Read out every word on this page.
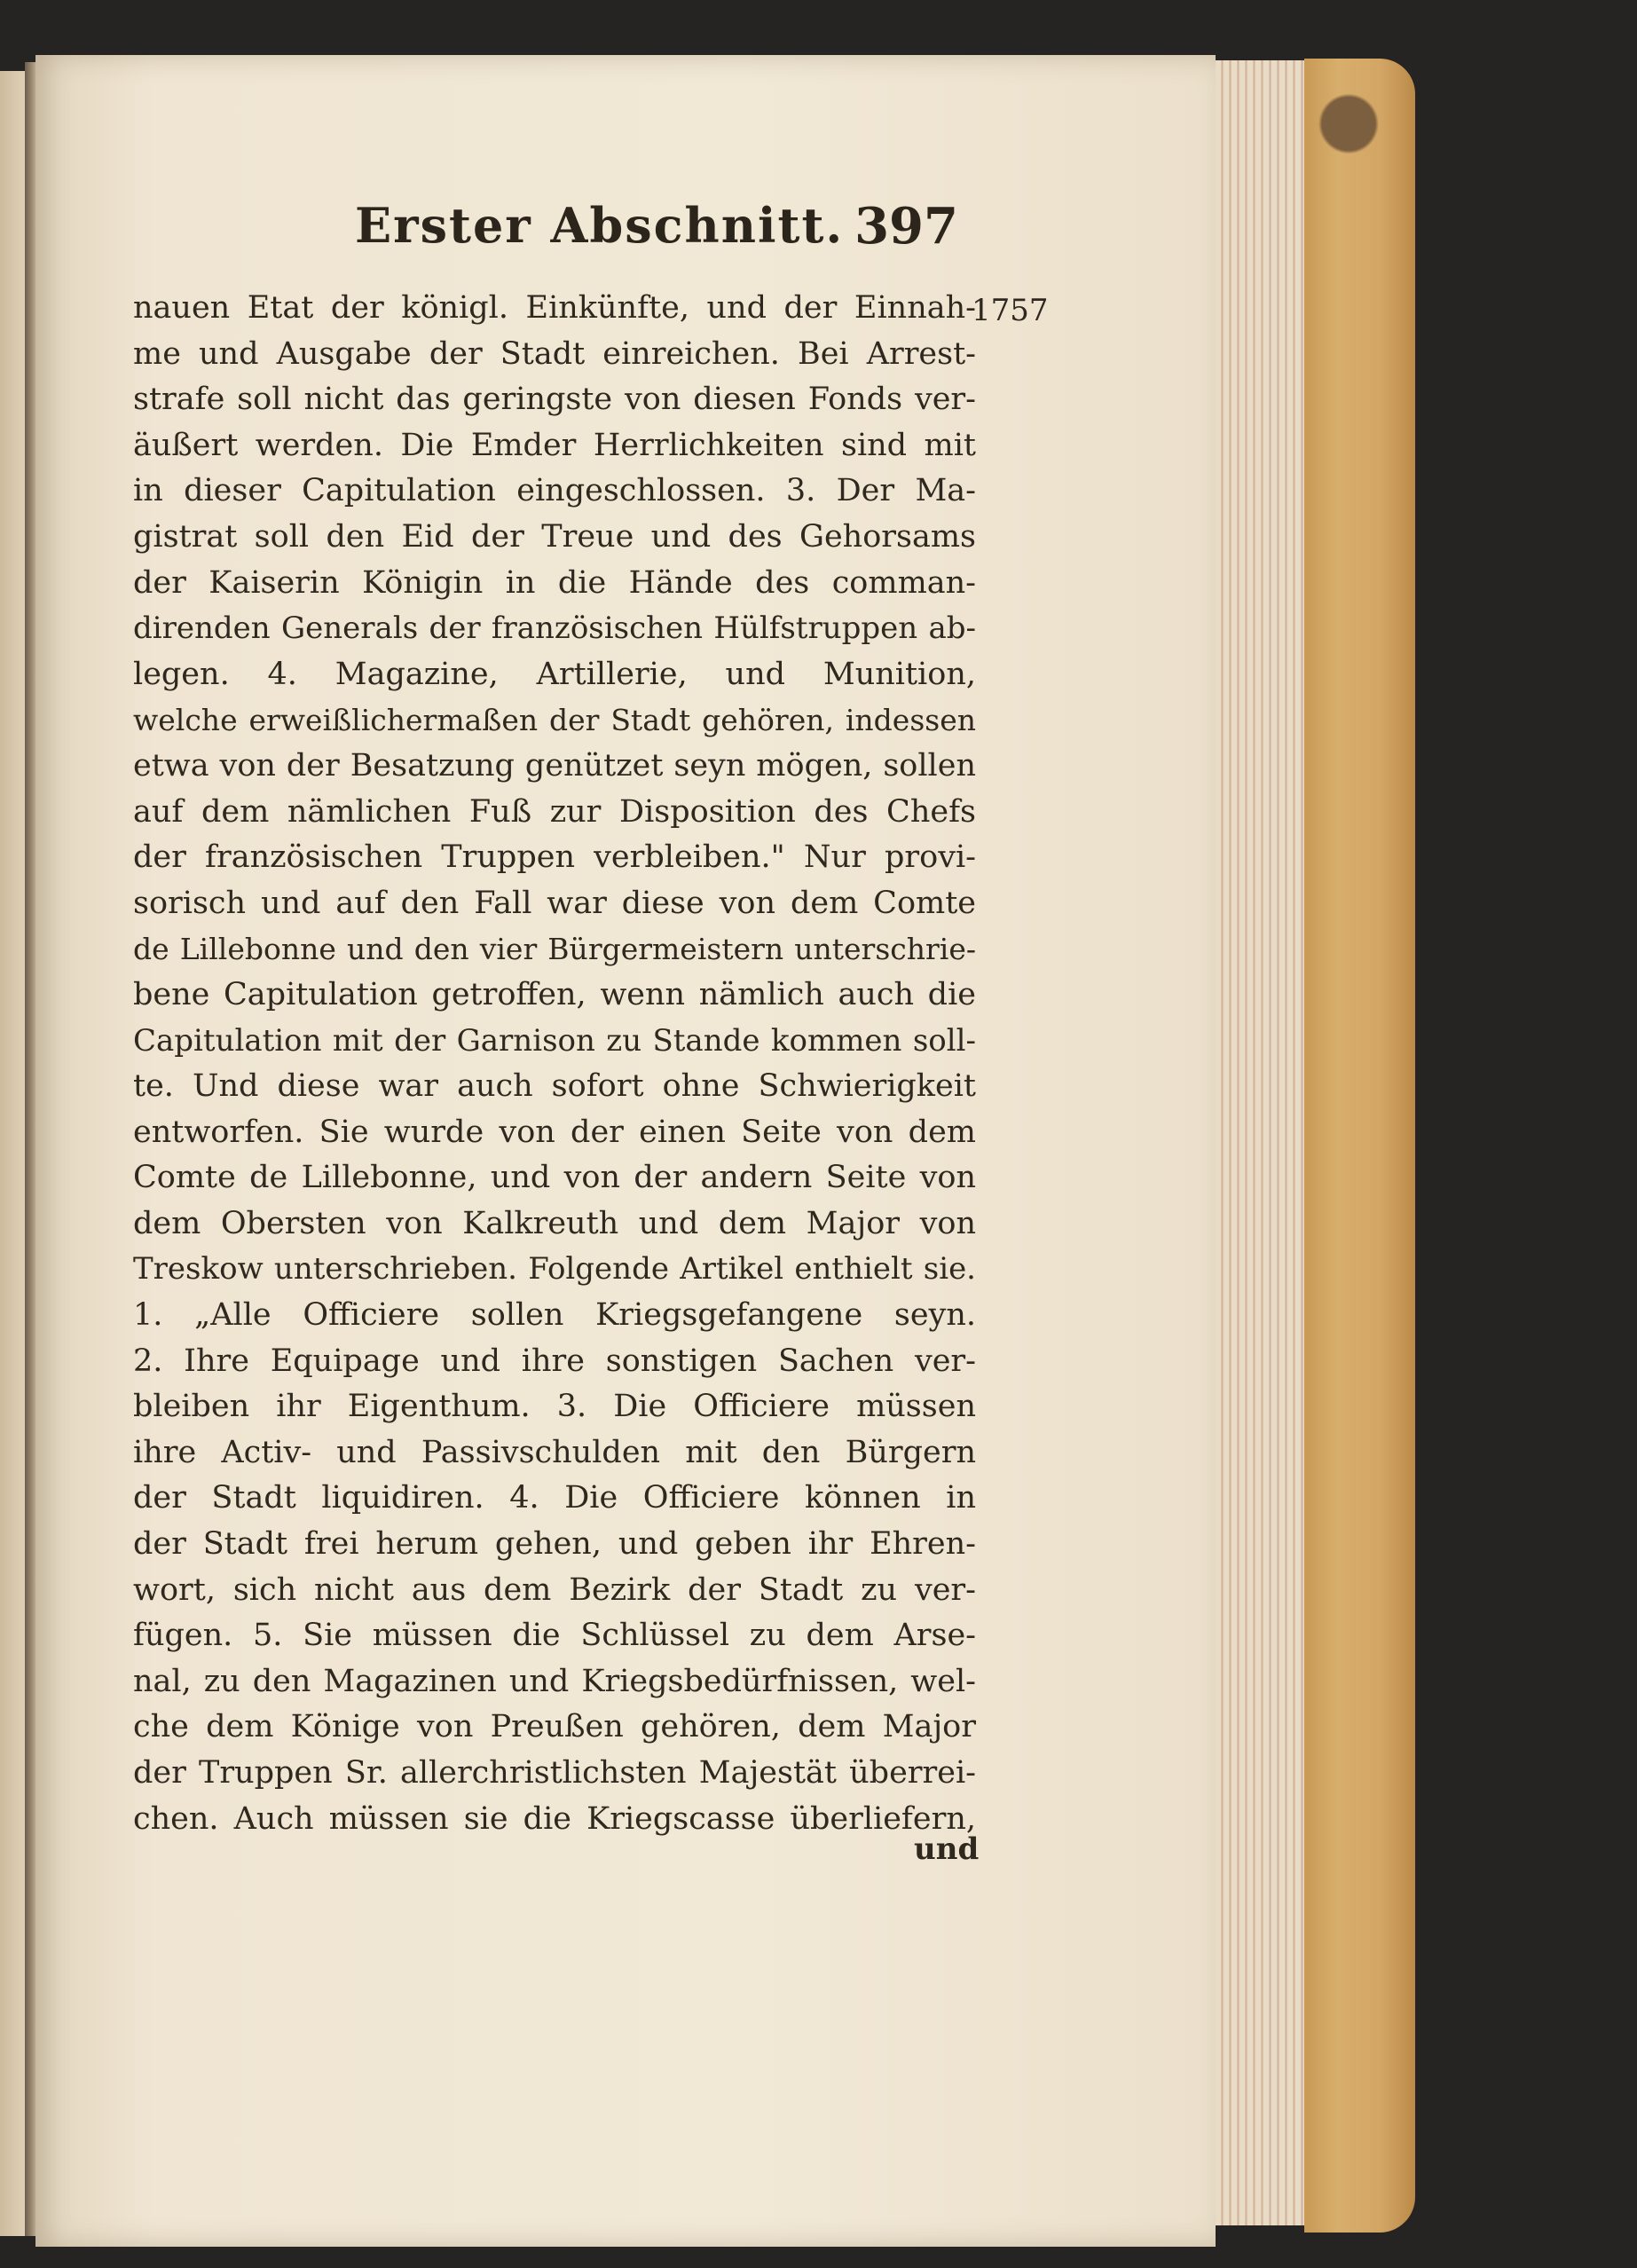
Erster Abschnitt. 397
1757
nauen Etat der königl. Einkünfte, und der Einnah-
me und Ausgabe der Stadt einreichen. Bei Arrest-
strafe soll nicht das geringste von diesen Fonds ver-
äußert werden. Die Emder Herrlichkeiten sind mit
in dieser Capitulation eingeschlossen. 3. Der Ma-
gistrat soll den Eid der Treue und des Gehorsams
der Kaiserin Königin in die Hände des comman-
direnden Generals der französischen Hülfstruppen ab-
legen. 4. Magazine, Artillerie, und Munition,
welche erweißlichermaßen der Stadt gehören, indessen
etwa von der Besatzung genützet seyn mögen, sollen
auf dem nämlichen Fuß zur Disposition des Chefs
der französischen Truppen verbleiben." Nur provi-
sorisch und auf den Fall war diese von dem Comte
de Lillebonne und den vier Bürgermeistern unterschrie-
bene Capitulation getroffen, wenn nämlich auch die
Capitulation mit der Garnison zu Stande kommen soll-
te. Und diese war auch sofort ohne Schwierigkeit
entworfen. Sie wurde von der einen Seite von dem
Comte de Lillebonne, und von der andern Seite von
dem Obersten von Kalkreuth und dem Major von
Treskow unterschrieben. Folgende Artikel enthielt sie.
1. „Alle Officiere sollen Kriegsgefangene seyn.
2. Ihre Equipage und ihre sonstigen Sachen ver-
bleiben ihr Eigenthum. 3. Die Officiere müssen
ihre Activ- und Passivschulden mit den Bürgern
der Stadt liquidiren. 4. Die Officiere können in
der Stadt frei herum gehen, und geben ihr Ehren-
wort, sich nicht aus dem Bezirk der Stadt zu ver-
fügen. 5. Sie müssen die Schlüssel zu dem Arse-
nal, zu den Magazinen und Kriegsbedürfnissen, wel-
che dem Könige von Preußen gehören, dem Major
der Truppen Sr. allerchristlichsten Majestät überrei-
chen. Auch müssen sie die Kriegscasse überliefern,
und
